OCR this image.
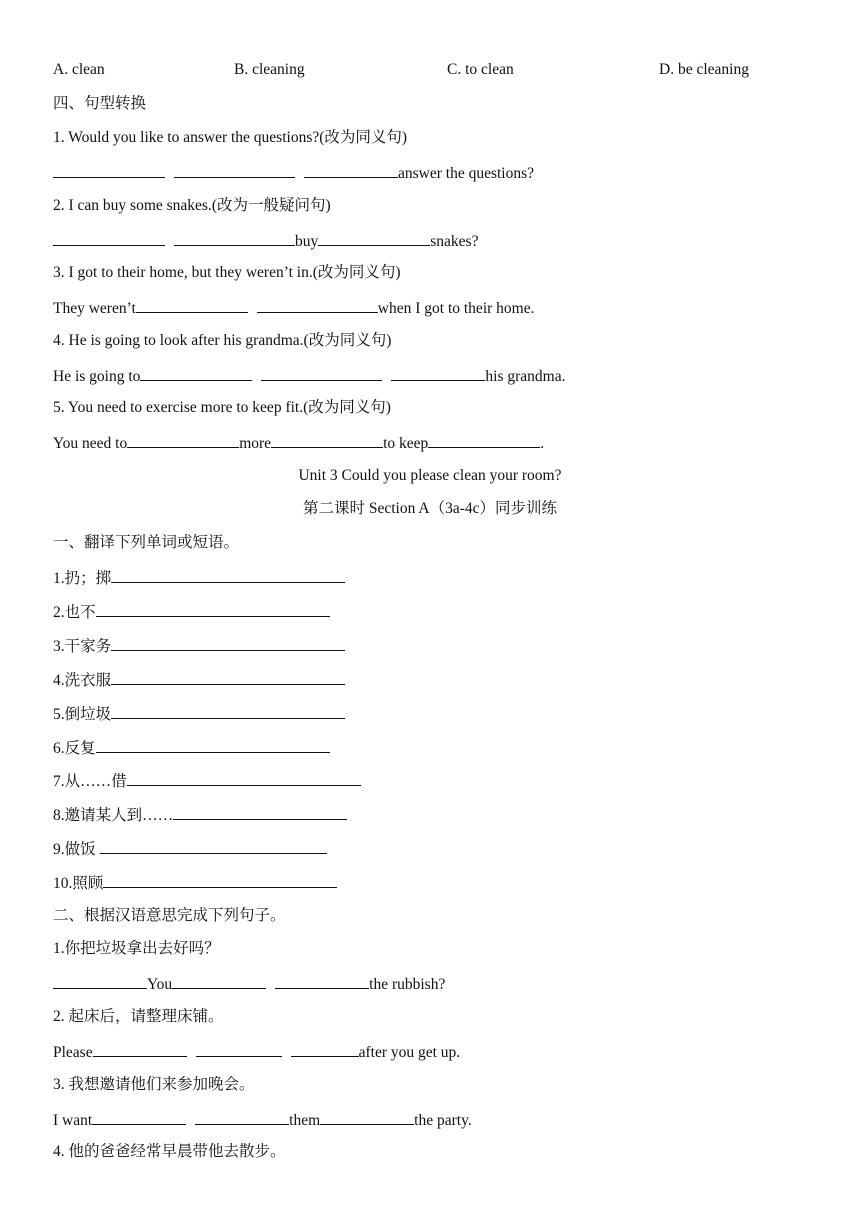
A. clean	B. cleaning	C. to clean	D. be cleaning
四、句型转换
1. Would you like to answer the questions?(改为同义句)
answer the questions?
2. I can buy some snakes.(改为一般疑问句)
buy	snakes?
3. I got to their home, but they weren’t in.(改为同义句)
They weren’t	when I got to their home.
4. He is going to look after his grandma.(改为同义句)
He is going to	his grandma.
5. You need to exercise more to keep fit.(改为同义句)
You need to	more	to keep	.
Unit 3 Could you please clean your room?
第二课时 Section A（3a-4c）同步训练
一、翻译下列单词或短语。
1.扔；掷
2.也不
3.干家务
4.洗衣服
5.倒垃圾
6.反复
7.从……借
8.邀请某人到……
9.做饭
10.照顾
二、根据汉语意思完成下列句子。
1.你把垃圾拿出去好吗？
You	the rubbish?
2. 起床后，请整理床铺。
Please	after you get up.
3. 我想邀请他们来参加晚会。
I want	them	the party.
4. 他的爸爸经常早晨带他去散步。
